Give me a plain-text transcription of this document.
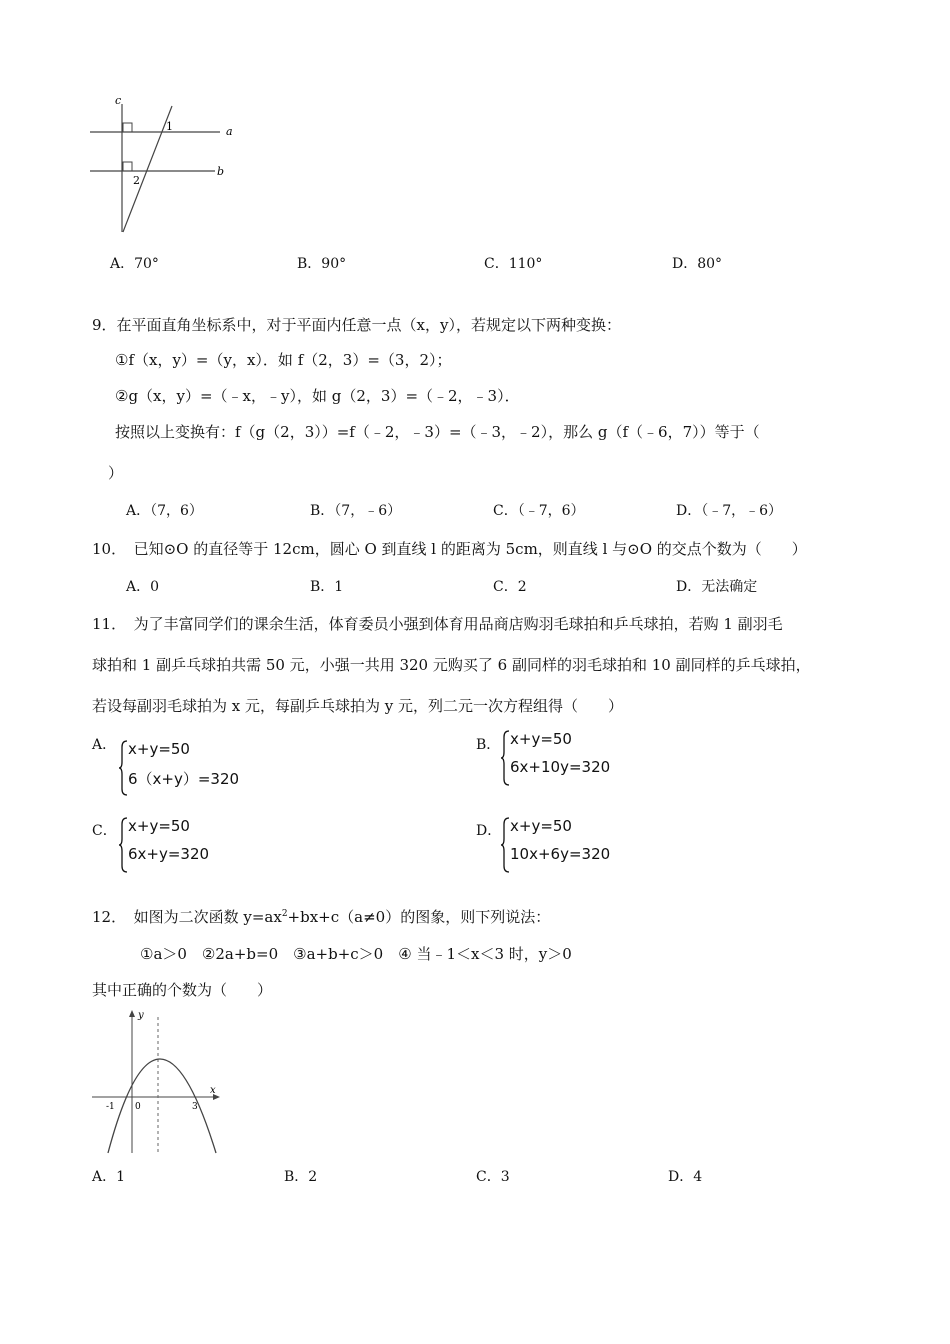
c
a
b
1
2
A．70°	B．90°	C．110°	D．80°
9．在平面直角坐标系中，对于平面内任意一点（x，y），若规定以下两种变换：
①f（x，y）=（y，x）．如 f（2，3）=（3，2）；
②g（x，y）=（﹣x，﹣y），如 g（2，3）=（﹣2，﹣3）．
按照以上变换有：f（g（2，3））=f（﹣2，﹣3）=（﹣3，﹣2），那么 g（f（﹣6，7））等于（
）
A．（7，6）	B．（7，﹣6）	C．（﹣7，6）	D．（﹣7，﹣6）
10．　已知⊙O 的直径等于 12cm，圆心 O 到直线 l 的距离为 5cm，则直线 l 与⊙O 的交点个数为（　　）
A．0	B．1	C．2	D．无法确定
11．　为了丰富同学们的课余生活，体育委员小强到体育用品商店购羽毛球拍和乒乓球拍，若购 1 副羽毛
球拍和 1 副乒乓球拍共需 50 元，小强一共用 320 元购买了 6 副同样的羽毛球拍和 10 副同样的乒乓球拍，
若设每副羽毛球拍为 x 元，每副乒乓球拍为 y 元，列二元一次方程组得（　　）
A． x+y=50
6（x+y）=320
B． x+y=50
6x+10y=320
C． x+y=50
6x+y=320
D． x+y=50
10x+6y=320
12．　如图为二次函数 $y=ax^2+bx+c(a\ne 0)$的图象，则下列说法：
①a＞0　②2a+b=0　③a+b+c＞0　④ 当﹣1＜x＜3 时，y＞0
其中正确的个数为（　　）
y
x
-1 0	3
A．1	B．2	C．3	D．4
